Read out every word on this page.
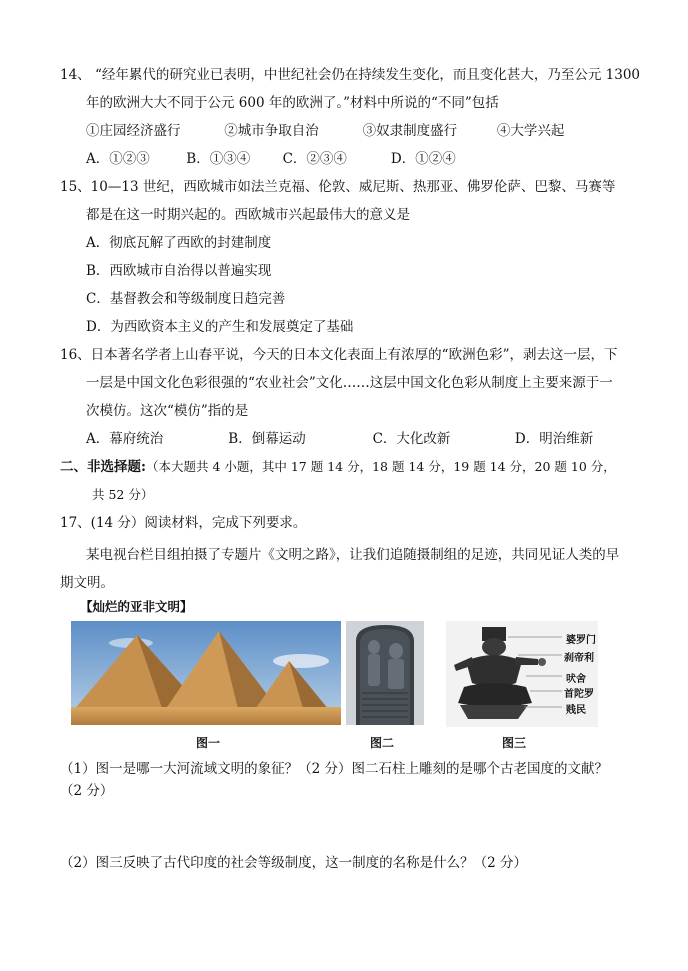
14、 “经年累代的研究业已表明，中世纪社会仍在持续发生变化，而且变化甚大，乃至公元 1300
年的欧洲大大不同于公元 600 年的欧洲了。”材料中所说的“不同”包括
①庄园经济盛行	②城市争取自治	③奴隶制度盛行	④大学兴起
A．①②③	B．①③④ C．②③④	D．①②④
15、10—13 世纪，西欧城市如法兰克福、伦敦、威尼斯、热那亚、佛罗伦萨、巴黎、马赛等
都是在这一时期兴起的。西欧城市兴起最伟大的意义是
A．彻底瓦解了西欧的封建制度
B．西欧城市自治得以普遍实现
C．基督教会和等级制度日趋完善
D．为西欧资本主义的产生和发展奠定了基础
16、日本著名学者上山春平说，今天的日本文化表面上有浓厚的“欧洲色彩”，剥去这一层，下
一层是中国文化色彩很强的“农业社会”文化……这层中国文化色彩从制度上主要来源于一
次模仿。这次“模仿”指的是
A．幕府统治	B．倒幕运动	C．大化改新	D．明治维新
二、非选择题:（本大题共 4 小题，其中 17 题 14 分，18 题 14 分，19 题 14 分，20 题 10 分，
共 52 分）
17、(14 分）阅读材料，完成下列要求。
某电视台栏目组拍摄了专题片《文明之路》，让我们追随摄制组的足迹，共同见证人类的早
期文明。
【灿烂的亚非文明】
婆罗门
刹帝利
吠舍
首陀罗
贱民
图一	图二	图三
（1）图一是哪一大河流域文明的象征？（2 分）图二石柱上雕刻的是哪个古老国度的文献？
（2 分）
（2）图三反映了古代印度的社会等级制度，这一制度的名称是什么？（2 分）
